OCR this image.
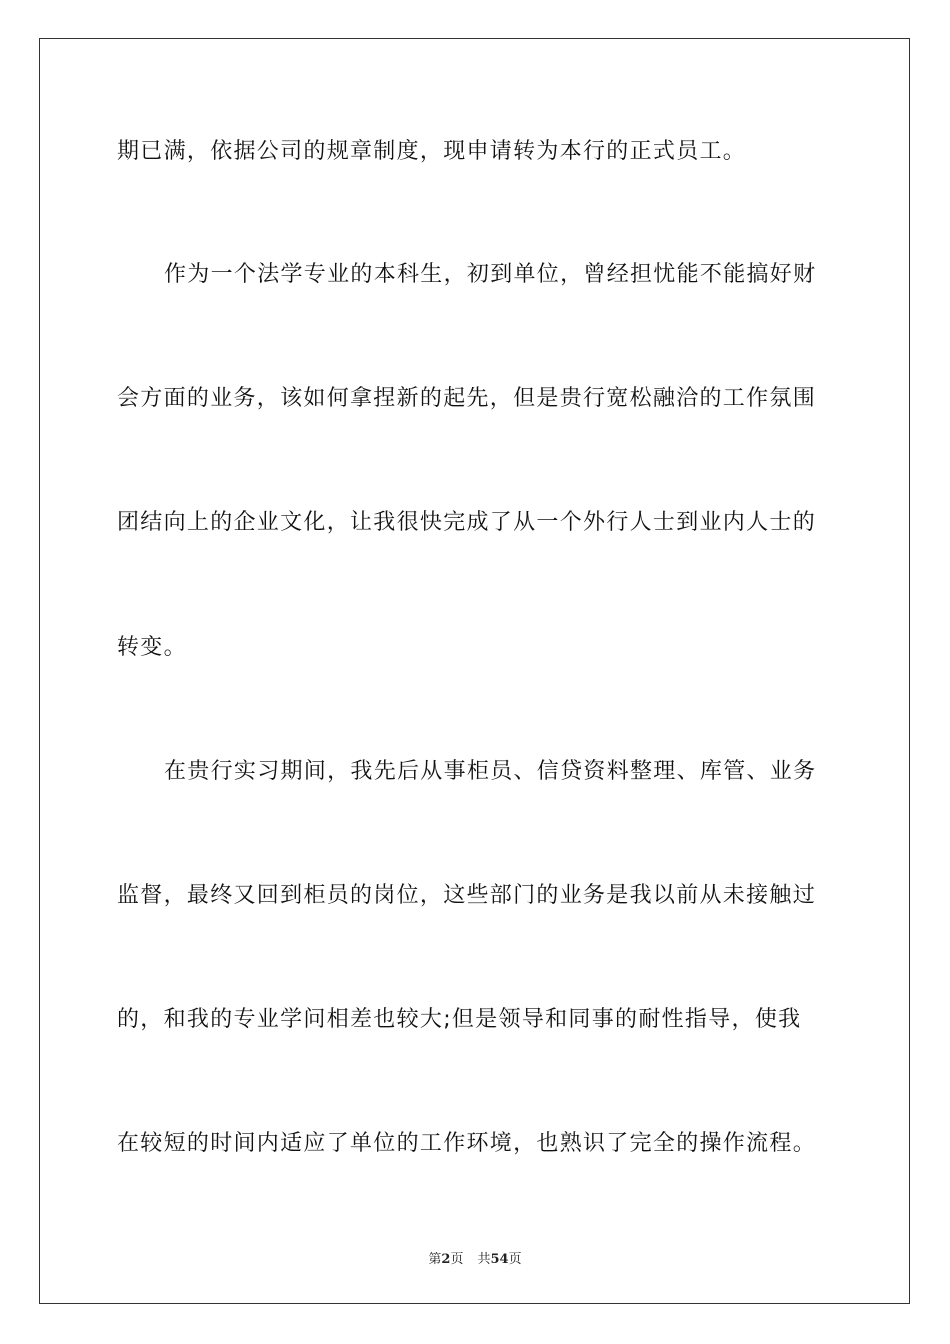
期已满，依据公司的规章制度，现申请转为本行的正式员工。

作为一个法学专业的本科生，初到单位，曾经担忧能不能搞好财

会方面的业务，该如何拿捏新的起先，但是贵行宽松融洽的工作氛围

团结向上的企业文化，让我很快完成了从一个外行人士到业内人士的

转变。

在贵行实习期间，我先后从事柜员、信贷资料整理、库管、业务

监督，最终又回到柜员的岗位，这些部门的业务是我以前从未接触过

的，和我的专业学问相差也较大;但是领导和同事的耐性指导，使我

在较短的时间内适应了单位的工作环境，也熟识了完全的操作流程。

第2页 共54页
